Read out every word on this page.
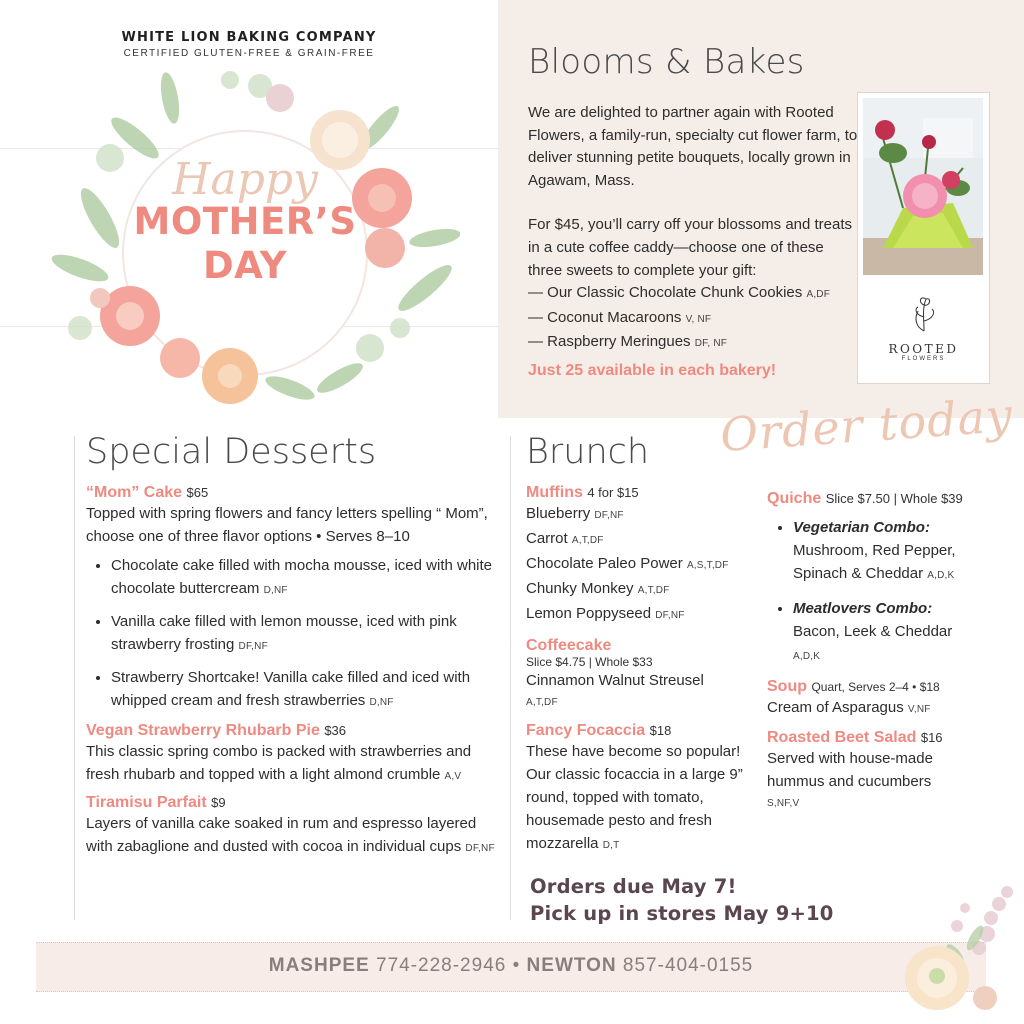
WHITE LION BAKING COMPANY
CERTIFIED GLUTEN-FREE & GRAIN-FREE
Happy
MOTHER’S
DAY
Blooms & Bakes

We are delighted to partner again with Rooted Flowers, a family-run, specialty cut flower farm, to deliver stunning petite bouquets, locally grown in Agawam, Mass.

For $45, you’ll carry off your blossoms and treats in a cute coffee caddy—choose one of these three sweets to complete your gift:

— Our Classic Chocolate Chunk Cookies A,DF

— Coconut Macaroons V, NF

— Raspberry Meringues DF, NF

Just 25 available in each bakery!
ROOTED
FLOWERS
Order today
Special Desserts
“Mom” Cake $65
Topped with spring flowers and fancy letters spelling “ Mom”, choose one of three flavor options • Serves 8–10
• Chocolate cake filled with mocha mousse, iced with white chocolate buttercream D,NF
• Vanilla cake filled with lemon mousse, iced with pink strawberry frosting DF,NF
• Strawberry Shortcake! Vanilla cake filled and iced with whipped cream and fresh strawberries D,NF
Vegan Strawberry Rhubarb Pie $36
This classic spring combo is packed with strawberries and fresh rhubarb and topped with a light almond crumble A,V
Tiramisu Parfait $9
Layers of vanilla cake soaked in rum and espresso layered with zabaglione and dusted with cocoa in individual cups DF,NF
Brunch
Muffins 4 for $15
Blueberry DF,NF
Carrot A,T,DF
Chocolate Paleo Power A,S,T,DF
Chunky Monkey A,T,DF
Lemon Poppyseed DF,NF
Coffeecake
Slice $4.75 | Whole $33
Cinnamon Walnut Streusel
A,T,DF
Fancy Focaccia $18
These have become so popular! Our classic focaccia in a large 9” round, topped with tomato, housemade pesto and fresh mozzarella D,T
Quiche Slice $7.50 | Whole $39
• Vegetarian Combo:
Mushroom, Red Pepper, Spinach & Cheddar A,D,K
• Meatlovers Combo:
Bacon, Leek & Cheddar
A,D,K
Soup Quart, Serves 2–4 • $18
Cream of Asparagus V,NF
Roasted Beet Salad $16
Served with house-made hummus and cucumbers
S,NF,V
Orders due May 7!
Pick up in stores May 9+10
MASHPEE 774-228-2946 • NEWTON 857-404-0155
